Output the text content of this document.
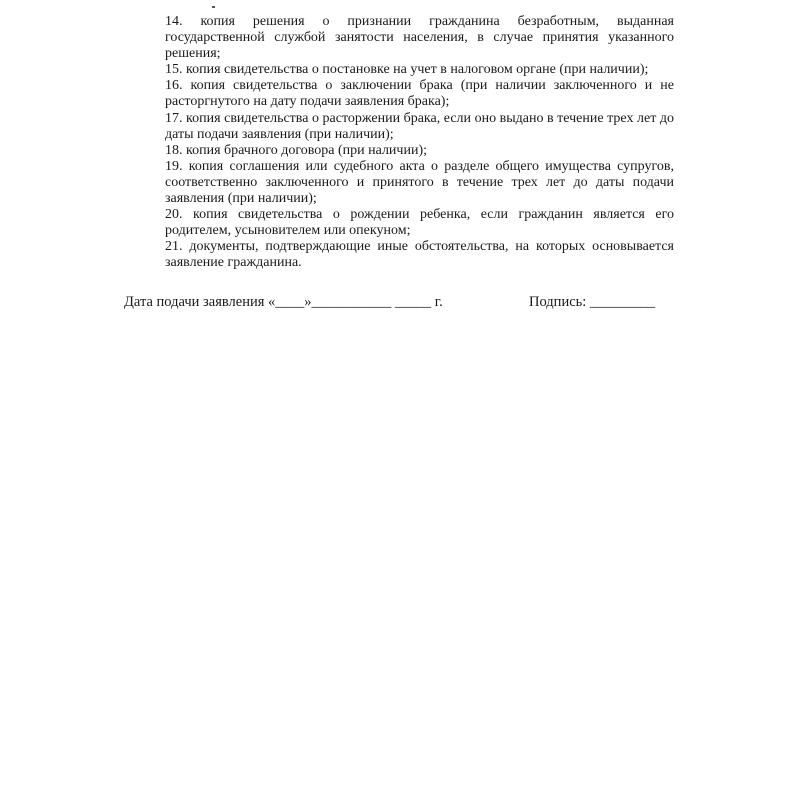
14. копия решения о признании гражданина безработным, выданная государственной службой занятости населения, в случае принятия указанного решения;

15. копия свидетельства о постановке на учет в налоговом органе (при наличии);

16. копия свидетельства о заключении брака (при наличии заключенного и не расторгнутого на дату подачи заявления брака);

17. копия свидетельства о расторжении брака, если оно выдано в течение трех лет до даты подачи заявления (при наличии);

18. копия брачного договора (при наличии);

19. копия соглашения или судебного акта о разделе общего имущества супругов, соответственно заключенного и принятого в течение трех лет до даты подачи заявления (при наличии);

20. копия свидетельства о рождении ребенка, если гражданин является его родителем, усыновителем или опекуном;

21. документы, подтверждающие иные обстоятельства, на которых основывается заявление гражданина.

Дата подачи заявления «____»___________ _____ г.	Подпись: _________
